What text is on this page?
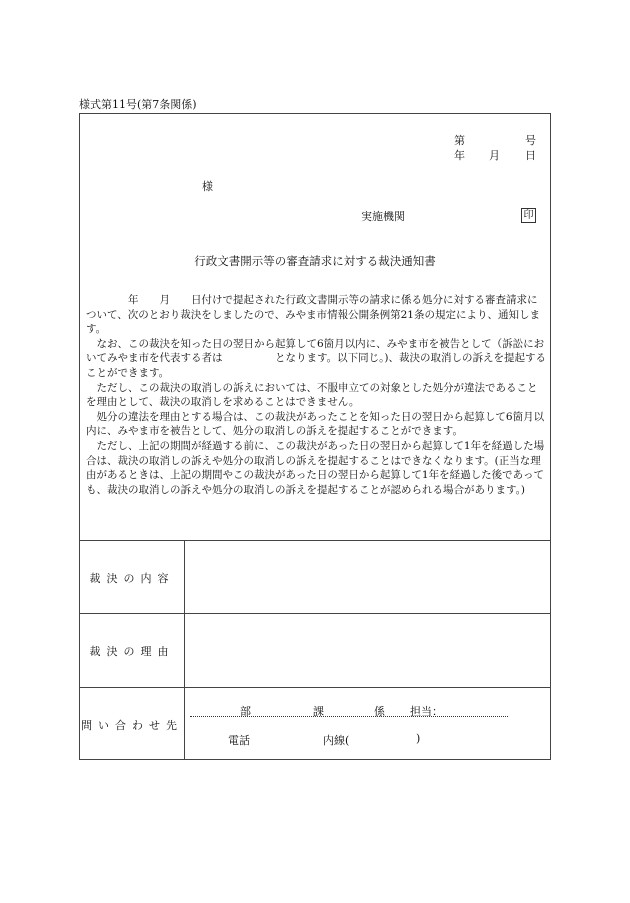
様式第11号(第7条関係)
第	号
年 月 日
様
実施機関	印
行政文書開示等の審査請求に対する裁決通知書

年　　月　　日付けで提起された行政文書開示等の請求に係る処分に対する審査請求について、次のとおり裁決をしましたので、みやま市情報公開条例第21条の規定により、通知します。

なお、この裁決を知った日の翌日から起算して6箇月以内に、みやま市を被告として（訴訟においてみやま市を代表する者は　　　　　となります。以下同じ。)、裁決の取消しの訴えを提起することができます。

ただし、この裁決の取消しの訴えにおいては、不服申立ての対象とした処分が違法であることを理由として、裁決の取消しを求めることはできません。

処分の違法を理由とする場合は、この裁決があったことを知った日の翌日から起算して6箇月以内に、みやま市を被告として、処分の取消しの訴えを提起することができます。

ただし、上記の期間が経過する前に、この裁決があった日の翌日から起算して1年を経過した場合は、裁決の取消しの訴えや処分の取消しの訴えを提起することはできなくなります。(正当な理由があるときは、上記の期間やこの裁決があった日の翌日から起算して1年を経過した後であっても、裁決の取消しの訴えや処分の取消しの訴えを提起することが認められる場合があります。)

裁決の内容
裁決の理由
問い合わせ先
部	課	係 担当：
電話	内線(	)
